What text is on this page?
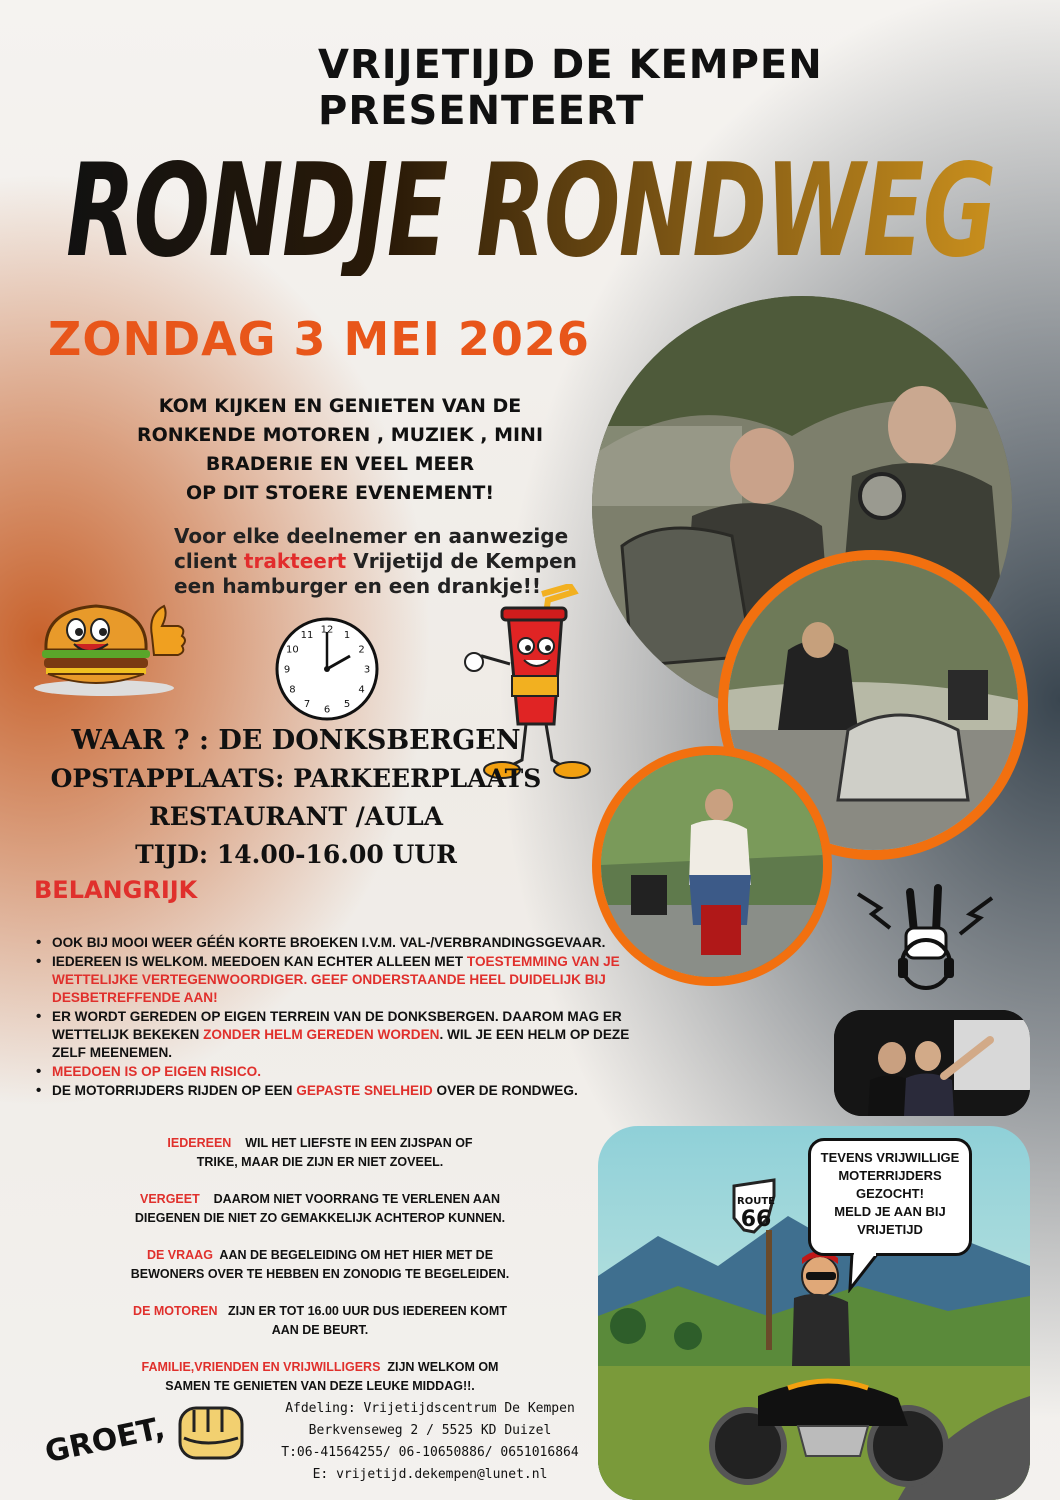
VRIJETIJD DE KEMPEN
PRESENTEERT
RONDJE RONDWEG
ZONDAG 3 MEI 2026
KOM KIJKEN EN GENIETEN VAN DE
RONKENDE MOTOREN , MUZIEK , MINI
BRADERIE EN VEEL MEER
OP DIT STOERE EVENEMENT!
Voor elke deelnemer en aanwezige
client trakteert Vrijetijd de Kempen
een hamburger en een drankje!!
12 1
2
3
4
5
6
7
8
9
10
11
WAAR ? : DE DONKSBERGEN
OPSTAPPLAATS: PARKEERPLAATS
RESTAURANT /AULA
TIJD: 14.00-16.00 UUR
BELANGRIJK
• OOK BIJ MOOI WEER GÉÉN KORTE BROEKEN I.V.M. VAL-/VERBRANDINGSGEVAAR.
• IEDEREEN IS WELKOM. MEEDOEN KAN ECHTER ALLEEN MET TOESTEMMING VAN JE WETTELIJKE VERTEGENWOORDIGER. GEEF ONDERSTAANDE HEEL DUIDELIJK BIJ DESBETREFFENDE AAN!
• ER WORDT GEREDEN OP EIGEN TERREIN VAN DE DONKSBERGEN. DAAROM MAG ER WETTELIJK BEKEKEN ZONDER HELM GEREDEN WORDEN. WIL JE EEN HELM OP DEZE ZELF MEENEMEN.
• MEEDOEN IS OP EIGEN RISICO.
• DE MOTORRIJDERS RIJDEN OP EEN GEPASTE SNELHEID OVER DE RONDWEG.
IEDEREEN    WIL HET LIEFSTE IN EEN ZIJSPAN OF
TRIKE, MAAR DIE ZIJN ER NIET ZOVEEL.
VERGEET    DAAROM NIET VOORRANG TE VERLENEN AAN
DIEGENEN DIE NIET ZO GEMAKKELIJK ACHTEROP KUNNEN.
DE VRAAG  AAN DE BEGELEIDING OM HET HIER MET DE
BEWONERS OVER TE HEBBEN EN ZONODIG TE BEGELEIDEN.
DE MOTOREN   ZIJN ER TOT 16.00 UUR DUS IEDEREEN KOMT
AAN DE BEURT.
FAMILIE,VRIENDEN EN VRIJWILLIGERS  ZIJN WELKOM OM
SAMEN TE GENIETEN VAN DEZE LEUKE MIDDAG!!.
ROUTE
66
TEVENS VRIJWILLIGE
MOTERRIJDERS
GEZOCHT!
MELD JE AAN BIJ
VRIJETIJD
GROET,
Afdeling: Vrijetijdscentrum De Kempen
Berkvenseweg 2 / 5525 KD Duizel
T:06-41564255/ 06-10650886/ 0651016864
E: vrijetijd.dekempen@lunet.nl
